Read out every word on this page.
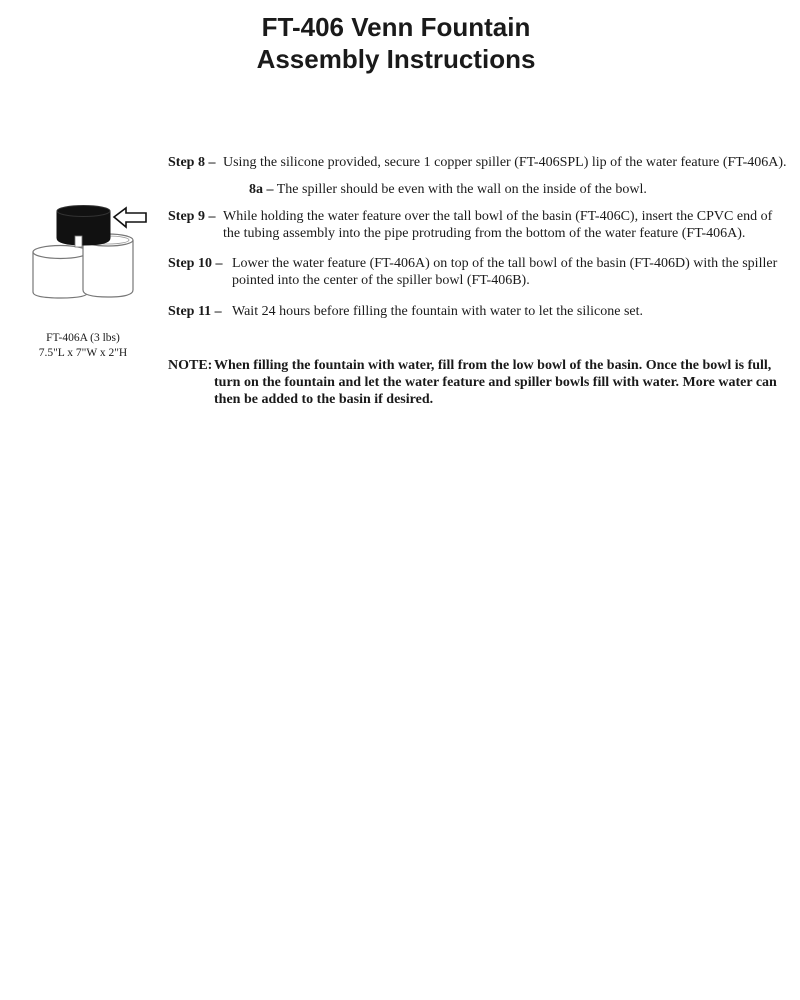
FT-406 Venn Fountain
Assembly Instructions
FT-406A (3 lbs)
7.5"L x 7"W x 2"H
Step 8 – Using the silicone provided, secure 1 copper spiller (FT-406SPL) lip of the water feature (FT-406A).
8a – The spiller should be even with the wall on the inside of the bowl.
Step 9 – While holding the water feature over the tall bowl of the basin (FT-406C), insert the CPVC end of the tubing assembly into the pipe protruding from the bottom of the water feature (FT-406A).
Step 10 – Lower the water feature (FT-406A) on top of the tall bowl of the basin (FT-406D) with the spiller pointed into the center of the spiller bowl (FT-406B).
Step 11 – Wait 24 hours before filling the fountain with water to let the silicone set.
NOTE: When filling the fountain with water, fill from the low bowl of the basin. Once the bowl is full, turn on the fountain and let the water feature and spiller bowls fill with water. More water can then be added to the basin if desired.
